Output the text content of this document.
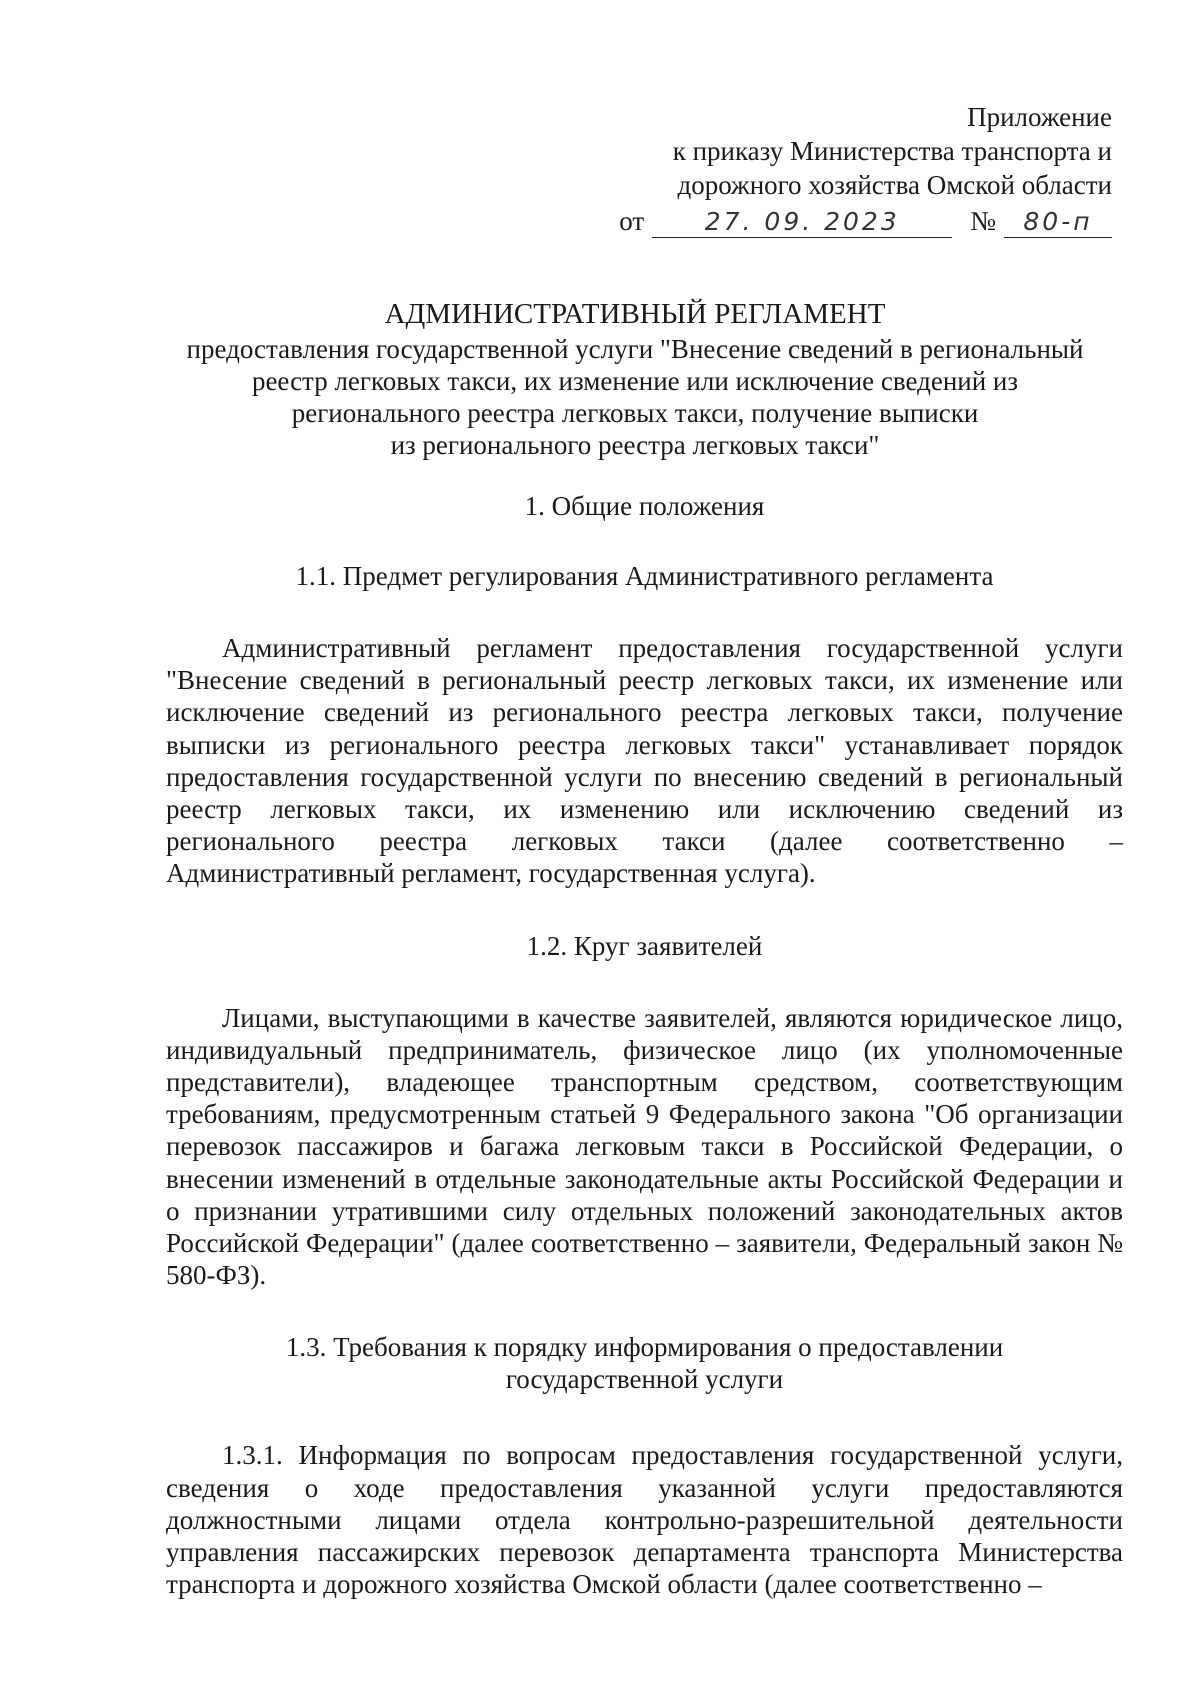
Приложение
к приказу Министерства транспорта и
дорожного хозяйства Омской области
от	27. 09. 2023	№	80-п
АДМИНИСТРАТИВНЫЙ РЕГЛАМЕНТ
предоставления государственной услуги "Внесение сведений в региональный
реестр легковых такси, их изменение или исключение сведений из
регионального реестра легковых такси, получение выписки
из регионального реестра легковых такси"

1. Общие положения

1.1. Предмет регулирования Административного регламента

Административный регламент предоставления государственной услуги "Внесение сведений в региональный реестр легковых такси, их изменение или исключение сведений из регионального реестра легковых такси, получение выписки из регионального реестра легковых такси" устанавливает порядок предоставления государственной услуги по внесению сведений в региональный реестр легковых такси, их изменению или исключению сведений из регионального реестра легковых такси (далее соответственно – Административный регламент, государственная услуга).

1.2. Круг заявителей

Лицами, выступающими в качестве заявителей, являются юридическое лицо, индивидуальный предприниматель, физическое лицо (их уполномоченные представители), владеющее транспортным средством, соответствующим требованиям, предусмотренным статьей 9 Федерального закона "Об организации перевозок пассажиров и багажа легковым такси в Российской Федерации, о внесении изменений в отдельные законодательные акты Российской Федерации и о признании утратившими силу отдельных положений законодательных актов Российской Федерации" (далее соответственно – заявители, Федеральный закон № 580-ФЗ).

1.3. Требования к порядку информирования о предоставлении
государственной услуги

1.3.1. Информация по вопросам предоставления государственной услуги, сведения о ходе предоставления указанной услуги предоставляются должностными лицами отдела контрольно-разрешительной деятельности управления пассажирских перевозок департамента транспорта Министерства транспорта и дорожного хозяйства Омской области (далее соответственно –
